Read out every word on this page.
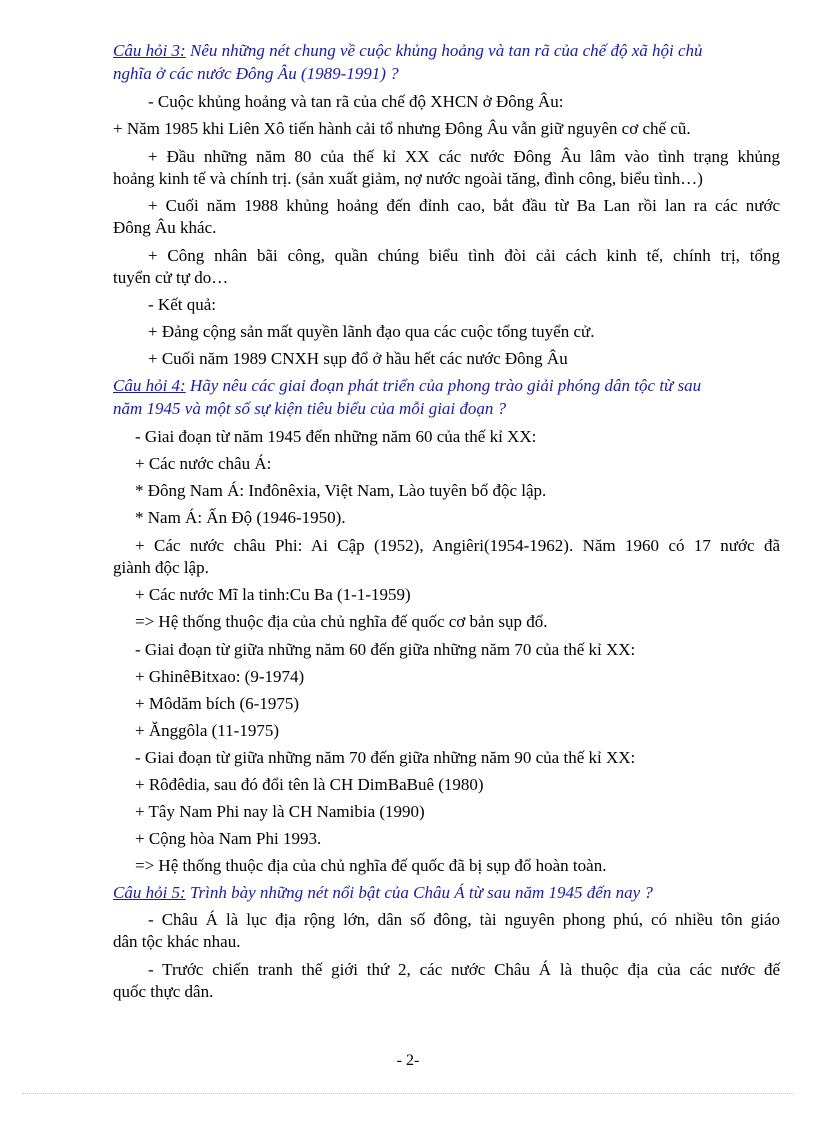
Câu hỏi 3: Nêu những nét chung về cuộc khủng hoảng và tan rã của chế độ xã hội chủ
nghĩa ở các nước Đông Âu (1989-1991) ?
- Cuộc khủng hoảng và tan rã của chế độ XHCN ở Đông Âu:
+ Năm 1985 khi Liên Xô tiến hành cải tổ nhưng Đông Âu vẫn giữ nguyên cơ chế cũ.
+ Đầu những năm 80 của thế kỉ XX các nước Đông Âu lâm vào tình trạng khủng
hoảng kinh tế và chính trị. (sản xuất giảm, nợ nước ngoài tăng, đình công, biểu tình…)
+ Cuối năm 1988 khủng hoảng đến đỉnh cao, bắt đầu từ Ba Lan rồi lan ra các nước
Đông Âu khác.
+ Công nhân bãi công, quần chúng biểu tình đòi cải cách kinh tế, chính trị, tổng
tuyển cử tự do…
- Kết quả:
+ Đảng cộng sản mất quyền lãnh đạo qua các cuộc tổng tuyển cử.
+ Cuối năm 1989 CNXH sụp đổ ở hầu hết các nước Đông Âu
Câu hỏi 4: Hãy nêu các giai đoạn phát triển của phong trào giải phóng dân tộc từ sau
năm 1945 và một số sự kiện tiêu biểu của mỗi giai đoạn ?
- Giai đoạn từ năm 1945 đến những năm 60 của thế kỉ XX:
+ Các nước châu Á:
* Đông Nam Á: Inđônêxia, Việt Nam, Lào tuyên bố độc lập.
* Nam Á: Ấn Độ (1946-1950).
+ Các nước châu Phi: Ai Cập (1952), Angiêri(1954-1962). Năm 1960 có 17 nước đã
giành độc lập.
+ Các nước Mĩ la tinh:Cu Ba (1-1-1959)
=> Hệ thống thuộc địa của chủ nghĩa đế quốc cơ bản sụp đổ.
- Giai đoạn từ giữa những năm 60 đến giữa những năm 70 của thế kỉ XX:
+ GhinêBitxao: (9-1974)
+ Môdăm bích (6-1975)
+ Ănggôla (11-1975)
- Giai đoạn từ giữa những năm 70 đến giữa những năm 90 của thế kỉ XX:
+ Rôđêdia, sau đó đổi tên là CH DimBaBuê (1980)
+ Tây Nam Phi nay là CH Namibia (1990)
+ Cộng hòa Nam Phi 1993.
=> Hệ thống thuộc địa của chủ nghĩa đế quốc đã bị sụp đổ hoàn toàn.
Câu hỏi 5: Trình bày những nét nổi bật của Châu Á từ sau năm 1945 đến nay ?
- Châu Á là lục địa rộng lớn, dân số đông, tài nguyên phong phú, có nhiều tôn giáo
dân tộc khác nhau.
- Trước chiến tranh thế giới thứ 2, các nước Châu Á là thuộc địa của các nước đế
quốc thực dân.
- 2-
